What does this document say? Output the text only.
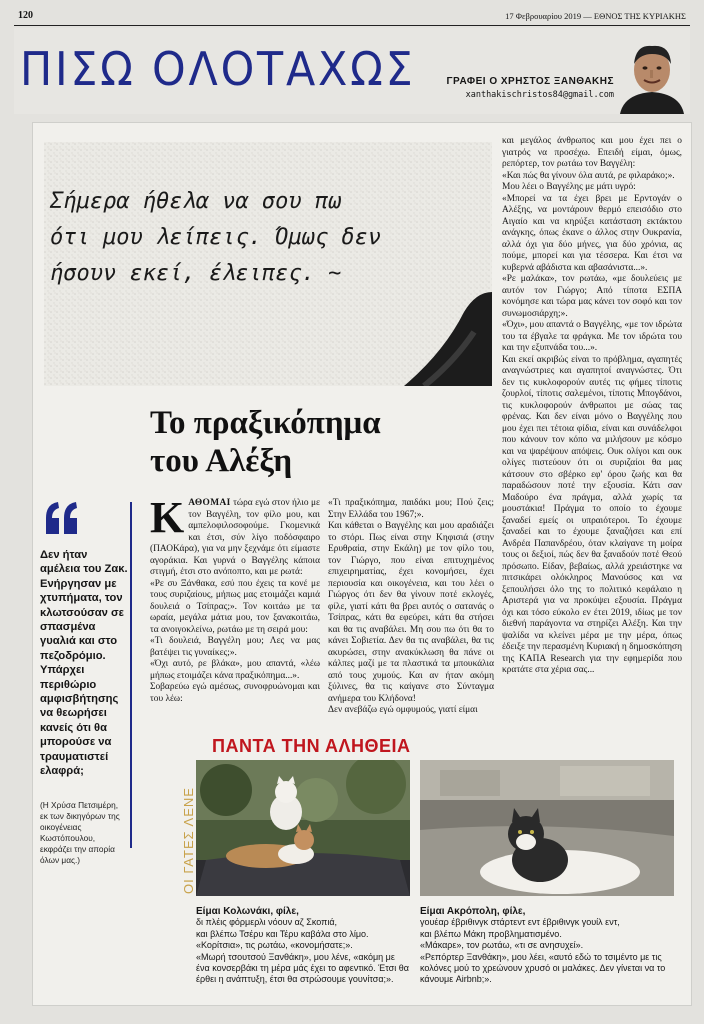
120	17 Φεβρουαρίου 2019 — ΕΘΝΟΣ ΤΗΣ ΚΥΡΙΑΚΗΣ
ΠΙΣΩ ΟΛΟΤΑΧΩΣ	ΓΡΑΦΕΙ Ο ΧΡΗΣΤΟΣ ΞΑΝΘΑΚΗΣ
xanthakischristos84@gmail.com
Σήμερα ήθελα να σου πω
ότι μου λείπεις. Όμως δεν
ήσουν εκεί, έλειπες. ~
Το πραξικόπημα
του Αλέξη
Δεν ήταν αμέλεια του Ζακ. Ενήργησαν με χτυπήματα, τον κλωτσούσαν σε σπασμένα γυαλιά και στο πεζοδρόμιο. Υπάρχει περιθώριο αμφισβήτησης να θεωρήσει κανείς ότι θα μπορούσε να τραυματιστεί ελαφρά;
(Η Χρύσα Πετσιμέρη, εκ των δικηγόρων της οικογένειας Κωστόπουλου, εκφράζει την απορία όλων μας.)

ΚΑΘΟΜΑΙ τώρα εγώ στον ήλιο με τον Βαγγέλη, τον φίλο μου, και αμπελοφιλοσοφούμε. Γκομενικά και έτσι, σύν λίγο ποδόσφαιρο (ΠΑΟΚάρα), για να μην ξεχνάμε ότι είμαστε αγοράκια. Και γυρνά ο Βαγγέλης κάποια στιγμή, έτσι στο ανόποπτο, και με ρωτά:

«Ρε συ Ξάνθακα, εσύ που έχεις τα κονέ με τους συριζαίους, μήπως μας ετοιμάζει καμιά δουλειά ο Τσίπρας;». Τον κοιτάω με τα ωραία, μεγάλα μάτια μου, τον ξανακοιτάω, τα ανοιγοκλείνω, ρωτάω με τη σειρά μου:

«Τι δουλειά, Βαγγέλη μου; Λες να μας βατέψει τις γυναίκες;».

«Όχι αυτό, ρε βλάκα», μου απαντά, «λέω μήπως ετοιμάζει κάνα πραξικόπημα...».

Σοβαρεύω εγώ αμέσως, συνοφρυώνομαι και του λέω:

«Τι πραξικόπημα, παιδάκι μου; Πού ζεις; Στην Ελλάδα του 1967;».

Και κάθεται ο Βαγγέλης και μου αραδιάζει το στόρι. Πως είναι στην Κηφισιά (στην Ερυθραία, στην Εκάλη) με τον φίλο του, τον Γιώργο, που είναι επιτυχημένος επιχειρηματίας, έχει κονομήσει, έχει περιουσία και οικογένεια, και του λέει ο Γιώργος ότι δεν θα γίνουν ποτέ εκλογές, φίλε, γιατί κάτι θα βρει αυτός ο σατανάς ο Τσίπρας, κάτι θα εφεύρει, κάτι θα στήσει και θα τις αναβάλει. Μη σου πω ότι θα το κάνει Σοβιετία. Δεν θα τις αναβάλει, θα τις ακυρώσει, στην ανακύκλωση θα πάνε οι κάλπες μαζί με τα πλαστικά τα μπουκάλια από τους χυμούς. Και αν ήταν ακόμη ξύλινες, θα τις καίγανε στο Σύνταγμα ανήμερα του Κλήδονα!

Δεν ανεβάζω εγώ ομφυμούς, γιατί είμαι

και μεγάλος άνθρωπος και μου έχει πει ο γιατρός να προσέχω. Επειδή είμαι, όμως, ρεπόρτερ, τον ρωτάω τον Βαγγέλη:

«Και πώς θα γίνουν όλα αυτά, ρε φιλαράκο;».

Μου λέει ο Βαγγέλης με μάτι υγρό:

«Μπορεί να τα έχει βρει με Ερντογάν ο Αλέξης, να μοντάρουν θερμό επεισόδιο στο Αιγαίο και να κηρύξει κατάσταση εκτάκτου ανάγκης, όπως έκανε ο άλλος στην Ουκρανία, αλλά όχι για δύο μήνες, για δύο χρόνια, ας πούμε, μπορεί και για τέσσερα. Και έτσι να κυβερνά αβάδιστα και αβασάνιστα...».

«Ρε μαλάκα», τον ρωτάω, «με δουλεύεις με αυτόν τον Γιώργο; Από τίποτα ΕΣΠΑ κονόμησε και τώρα μας κάνει τον σοφό και τον συνωμοσιάρχη;».

«Όχι», μου απαντά ο Βαγγέλης, «με τον ιδρώτα του τα έβγαλε τα φράγκα. Με τον ιδρώτα του και την εξυπνάδα του...».

Και εκεί ακριβώς είναι το πρόβλημα, αγαπητές αναγνώστριες και αγαπητοί αναγνώστες. Ότι δεν τις κυκλοφορούν αυτές τις φήμες τίποτις ζουρλοί, τίποτις σαλεμένοι, τίποτις Μπογδάνοι, τις κυκλοφορούν άνθρωποι με σώας τας φρένας. Και δεν είναι μόνο ο Βαγγέλης που μου έχει πει τέτοια φίδια, είναι και συνάδελφοι που κάνουν τον κόπο να μιλήσουν με κόσμο και να ψαρέψουν απόψεις. Ουκ ολίγοι και ουκ ολίγες πιστεύουν ότι οι συριζαίοι θα μας κάτσουν στο σβέρκο εφ' όρου ζωής και θα παραδώσουν ποτέ την εξουσία. Κάτι σαν Μαδούρο ένα πράγμα, αλλά χωρίς τα μουστάκια! Πράγμα το οποίο το έχουμε ξαναδεί εμείς οι υπραιότεροι. Το έχουμε ξαναδεί και το έχουμε ξαναζήσει και επί Ανδρέα Παπανδρέου, όταν κλαίγανε τη μοίρα τους οι δεξιοί, πώς δεν θα ξαναδούν ποτέ Θεού πρόσωπο. Είδαν, βεβαίως, αλλά χρειάστηκε να πιτσικάρει ολόκληρος Μανούσος και να ξεπουλήσει όλο της το πολιτικό κεφάλαιο η Αριστερά για να προκύψει εξουσία. Πράγμα όχι και τόσο εύκολο εν έτει 2019, ιδίως με τον διεθνή παράγοντα να στηρίζει Αλέξη. Και την ψαλίδα να κλείνει μέρα με την μέρα, όπως έδειξε την περασμένη Κυριακή η δημοσκόπηση της ΚΑΠΑ Research για την εφημερίδα που κρατάτε στα χέρια σας...

ΟΙ ΓΑΤΕΣ ΛΕΝΕ
ΠΑΝΤΑ ΤΗΝ ΑΛΗΘΕΙΑ
Είμαι Κολωνάκι, φίλε,
δι πλέις φόρμερλι νόουν αζ Σκοπιά,
και βλέπω Τσέρυ και Τέρυ καβάλα στο λίμο.
«Κορίτσια», τις ρωτάω, «κονομήσατε;».
«Μωρή τσουτσού Ξανθάκη», μου λένε, «ακόμη με ένα κονσερβάκι τη μέρα μάς έχει το αφεντικό. Έτσι θα έρθει η ανάπτυξη, έτσι θα στρώσουμε γουνίτσα;».
Είμαι Ακρόπολη, φίλε,
γουέαρ έβριθινγκ στάρτεντ εντ έβριθινγκ γουίλ εντ,
και βλέπω Μάκη προβληματισμένο.
«Μάκαρε», τον ρωτάω, «τι σε ανησυχεί».
«Ρεπόρτερ Ξανθάκη», μου λέει, «αυτό εδώ το τσιμέντο με τις κολόνες μού το χρεώνουν χρυσό οι μαλάκες. Δεν γίνεται να το κάνουμε Airbnb;».
